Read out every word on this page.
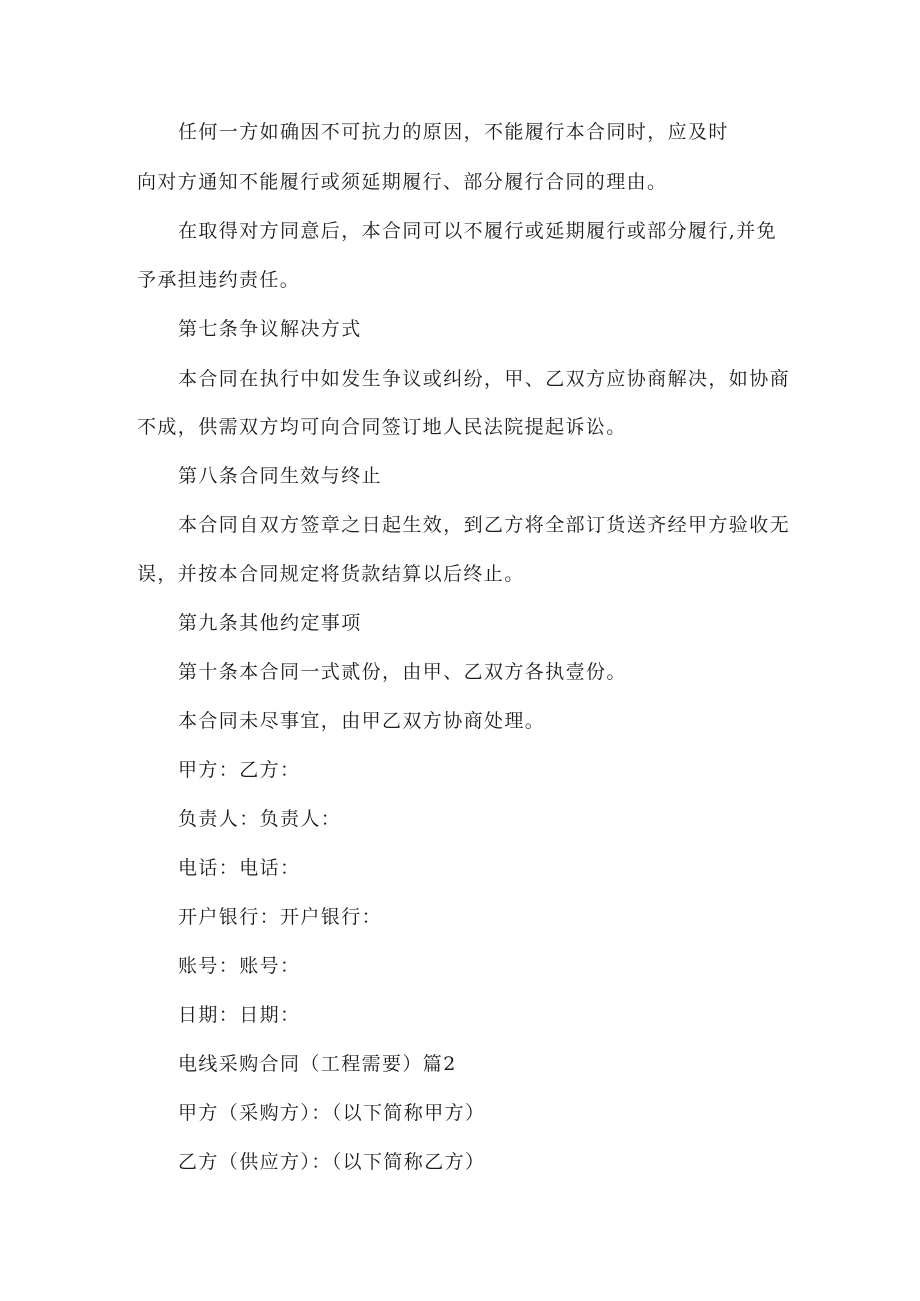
任何一方如确因不可抗力的原因，不能履行本合同时，应及时
向对方通知不能履行或须延期履行、部分履行合同的理由。
在取得对方同意后，本合同可以不履行或延期履行或部分履行,并免
予承担违约责任。
第七条争议解决方式
本合同在执行中如发生争议或纠纷，甲、乙双方应协商解决，如协商
不成，供需双方均可向合同签订地人民法院提起诉讼。
第八条合同生效与终止
本合同自双方签章之日起生效，到乙方将全部订货送齐经甲方验收无
误，并按本合同规定将货款结算以后终止。
第九条其他约定事项
第十条本合同一式贰份，由甲、乙双方各执壹份。
本合同未尽事宜，由甲乙双方协商处理。
甲方：乙方：
负责人：负责人：
电话：电话：
开户银行：开户银行：
账号：账号：
日期：日期：
电线采购合同（工程需要）篇2
甲方（采购方）：（以下简称甲方）
乙方（供应方）：（以下简称乙方）
